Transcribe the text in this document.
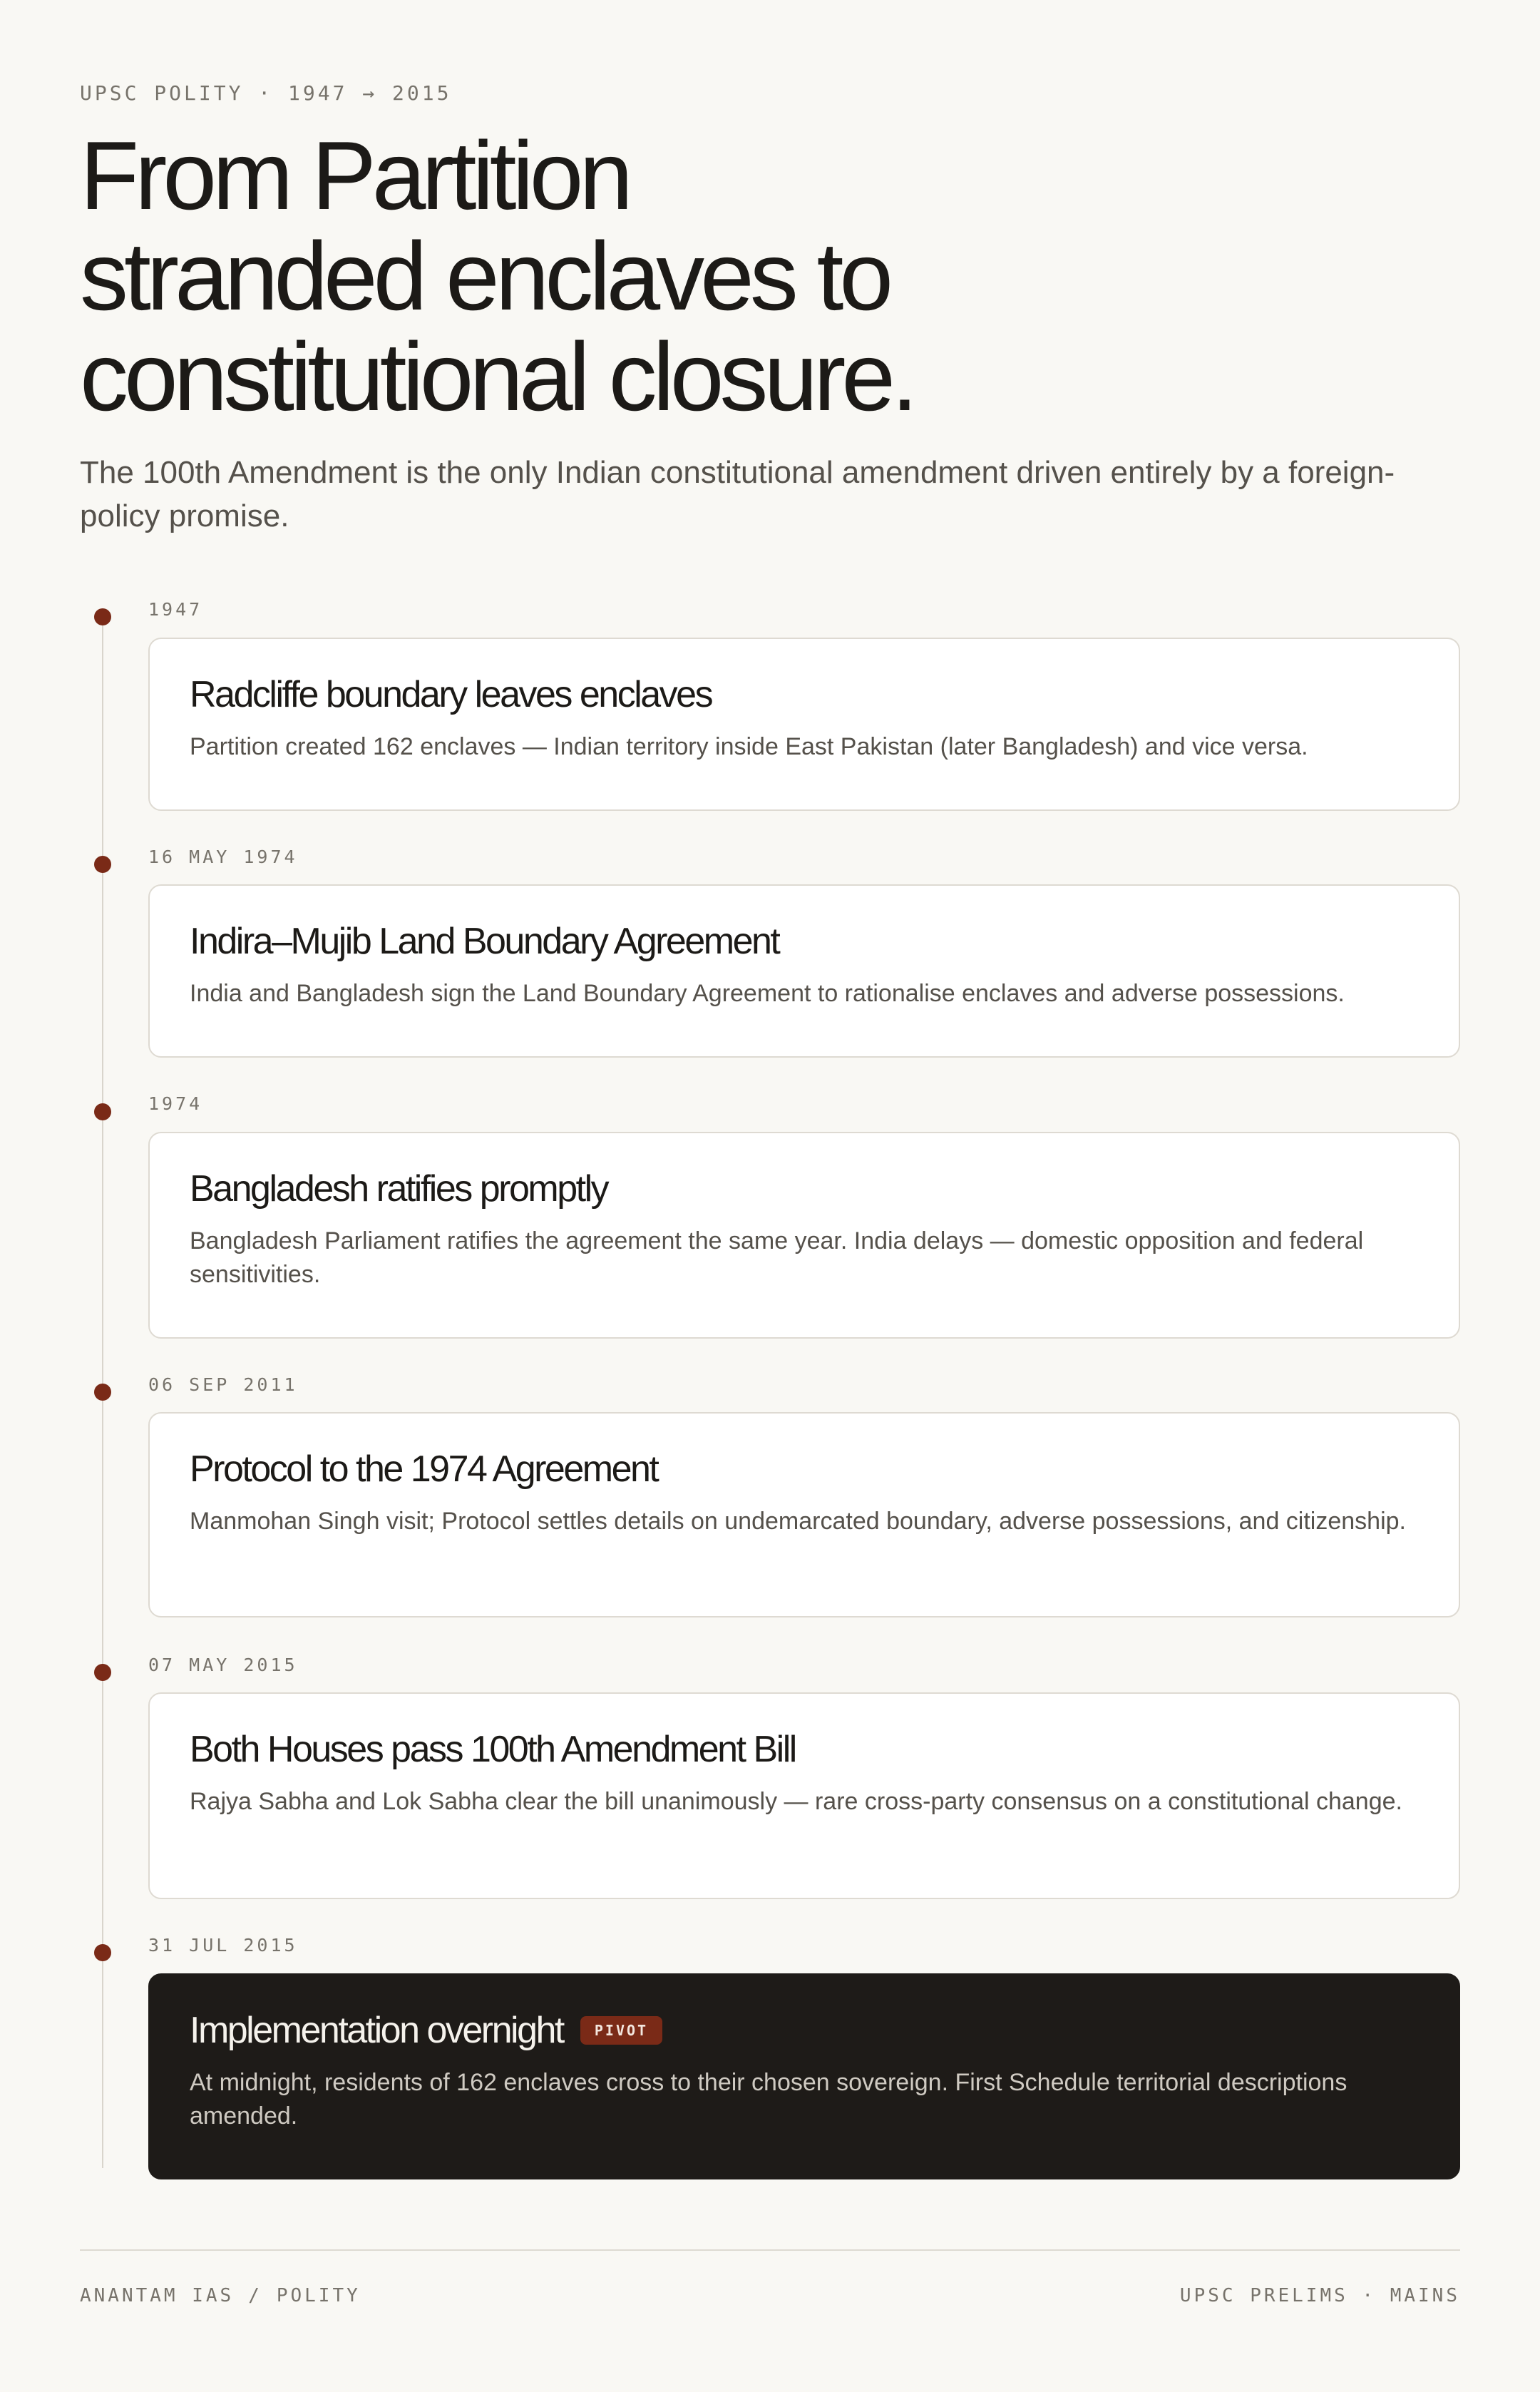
UPSC POLITY · 1947 → 2015
From Partition
stranded enclaves to
constitutional closure.

The 100th Amendment is the only Indian constitutional amendment driven entirely by a foreign-policy promise.

1947
Radcliffe boundary leaves enclaves

Partition created 162 enclaves — Indian territory inside East Pakistan (later Bangladesh) and vice versa.

16 MAY 1974
Indira–Mujib Land Boundary Agreement

India and Bangladesh sign the Land Boundary Agreement to rationalise enclaves and adverse possessions.

1974
Bangladesh ratifies promptly

Bangladesh Parliament ratifies the agreement the same year. India delays — domestic opposition and federal sensitivities.

06 SEP 2011
Protocol to the 1974 Agreement

Manmohan Singh visit; Protocol settles details on undemarcated boundary, adverse possessions, and citizenship.

07 MAY 2015
Both Houses pass 100th Amendment Bill

Rajya Sabha and Lok Sabha clear the bill unanimously — rare cross-party consensus on a constitutional change.

31 JUL 2015
Implementation overnight	PIVOT

At midnight, residents of 162 enclaves cross to their chosen sovereign. First Schedule territorial descriptions amended.

ANANTAM IAS / POLITY	UPSC PRELIMS · MAINS
